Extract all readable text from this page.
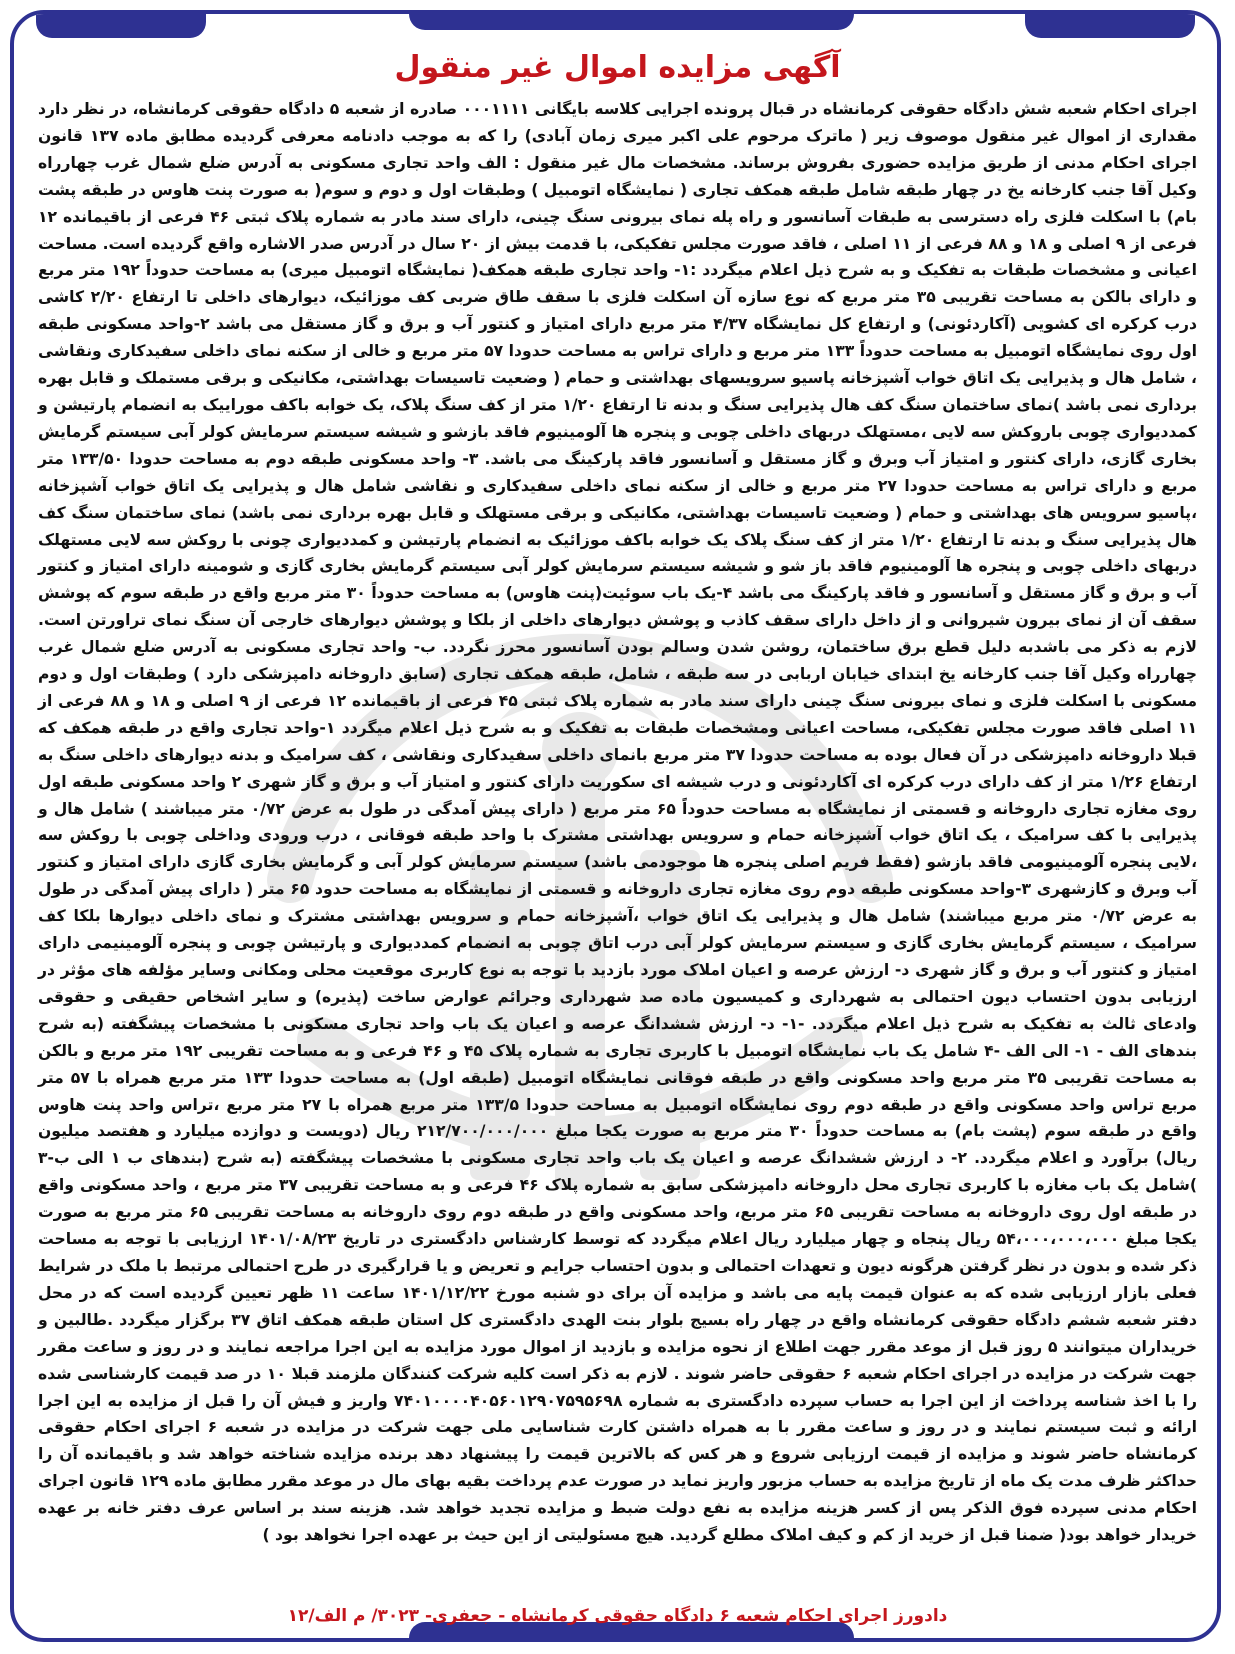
آگهی مزایده اموال غیر منقول

اجرای احکام شعبه شش دادگاه حقوقی کرمانشاه در قبال پرونده اجرایی کلاسه بایگانی ۰۰۰۱۱۱۱ صادره از شعبه ۵ دادگاه حقوقی کرمانشاه، در نظر دارد مقداری از اموال غیر منقول موصوف زیر ( ماترک مرحوم علی اکبر میری زمان آبادی) را که به موجب دادنامه معرفی گردیده مطابق ماده ۱۳۷ قانون اجرای احکام مدنی از طریق مزایده حضوری بفروش برساند. مشخصات مال غیر منقول : الف واحد تجاری مسکونی به آدرس ضلع شمال غرب چهارراه وکیل آقا جنب کارخانه یخ در چهار طبقه شامل طبقه همکف تجاری ( نمایشگاه اتومبیل ) وطبقات اول و دوم و سوم( به صورت پنت هاوس در طبقه پشت بام) با اسکلت فلزی راه دسترسی به طبقات آسانسور و راه پله نمای بیرونی سنگ چینی، دارای سند مادر به شماره پلاک ثبتی ۴۶ فرعی از باقیمانده ۱۲ فرعی از ۹ اصلی و ۱۸ و ۸۸ فرعی از ۱۱ اصلی ، فاقد صورت مجلس تفکیکی، با قدمت بیش از ۲۰ سال در آدرس صدر الاشاره واقع گردیده است. مساحت اعیانی و مشخصات طبقات به تفکیک و به شرح ذیل اعلام میگردد :۱- واحد تجاری طبقه همکف( نمایشگاه اتومبیل میری) به مساحت حدوداً ۱۹۲ متر مربع و دارای بالکن به مساحت تقریبی ۳۵ متر مربع که نوع سازه آن اسکلت فلزی با سقف طاق ضربی کف موزائیک، دیوارهای داخلی تا ارتفاع ۲/۲۰ کاشی درب کرکره ای کشویی (آکاردئونی) و ارتفاع کل نمایشگاه ۴/۳۷ متر مربع دارای امتیاز و کنتور آب و برق و گاز مستقل می باشد ۲-واحد مسکونی طبقه اول روی نمایشگاه اتومبیل به مساحت حدوداً ۱۳۳ متر مربع و دارای تراس به مساحت حدودا ۵۷ متر مربع و خالی از سکنه نمای داخلی سفیدکاری ونقاشی ، شامل هال و پذیرایی یک اتاق خواب آشپزخانه پاسیو سرویسهای بهداشتی و حمام ( وضعیت تاسیسات بهداشتی، مکانیکی و برقی مستملک و قابل بهره برداری نمی باشد )نمای ساختمان سنگ کف هال پذیرایی سنگ و بدنه تا ارتفاع ۱/۲۰ متر از کف سنگ پلاک، یک خوابه باکف موراییک به انضمام پارتیشن و کمددیواری چوبی باروکش سه لایی ،مستهلک دربهای داخلی چوبی و پنجره ها آلومینیوم فاقد بازشو و شیشه سیستم سرمایش کولر آبی سیستم گرمایش بخاری گازی، دارای کنتور و امتیاز آب وبرق و گاز مستقل و آسانسور فاقد پارکینگ می باشد. ۳- واحد مسکونی طبقه دوم به مساحت حدودا ۱۳۳/۵۰ متر مربع و دارای تراس به مساحت حدودا ۲۷ متر مربع و خالی از سکنه نمای داخلی سفیدکاری و نقاشی شامل هال و پذیرایی یک اتاق خواب آشپزخانه ،پاسیو سرویس های بهداشتی و حمام ( وضعیت تاسیسات بهداشتی، مکانیکی و برقی مستهلک و قابل بهره برداری نمی باشد) نمای ساختمان سنگ کف هال پذیرایی سنگ و بدنه تا ارتفاع ۱/۲۰ متر از کف سنگ پلاک یک خوابه باکف موزائیک به انضمام پارتیشن و کمددیواری چونی با روکش سه لایی مستهلک دربهای داخلی چوبی و پنجره ها آلومینیوم فاقد باز شو و شیشه سیستم سرمایش کولر آبی سیستم گرمایش بخاری گازی و شومینه دارای امتیاز و کنتور آب و برق و گاز مستقل و آسانسور و فاقد پارکینگ می باشد ۴-یک باب سوئیت(پنت هاوس) به مساحت حدوداً ۳۰ متر مربع واقع در طبقه سوم که پوشش سقف آن از نمای بیرون شیروانی و از داخل دارای سقف کاذب و پوشش دیوارهای داخلی از بلکا و پوشش دیوارهای خارجی آن سنگ نمای تراورتن است. لازم به ذکر می باشدبه دلیل قطع برق ساختمان، روشن شدن وسالم بودن آسانسور محرز نگردد. ب- واحد تجاری مسکونی به آدرس ضلع شمال غرب چهارراه وکیل آقا جنب کارخانه یخ ابتدای خیابان اربابی در سه طبقه ، شامل، طبقه همکف تجاری (سابق داروخانه دامپزشکی دارد ) وطبقات اول و دوم مسکونی با اسکلت فلزی و نمای بیرونی سنگ چینی دارای سند مادر به شماره پلاک ثبتی ۴۵ فرعی از باقیمانده ۱۲ فرعی از ۹ اصلی و ۱۸ و ۸۸ فرعی از ۱۱ اصلی فاقد صورت مجلس تفکیکی، مساحت اعیانی ومشخصات طبقات به تفکیک و به شرح ذیل اعلام میگردد ۱-واحد تجاری واقع در طبقه همکف که قبلا داروخانه دامپزشکی در آن فعال بوده به مساحت حدودا ۳۷ متر مربع بانمای داخلی سفیدکاری ونقاشی ، کف سرامیک و بدنه دیوارهای داخلی سنگ به ارتفاع ۱/۲۶ متر از کف دارای درب کرکره ای آکاردئونی و درب شیشه ای سکوریت دارای کنتور و امتیاز آب و برق و گاز شهری ۲ واحد مسکونی طبقه اول روی مغازه تجاری داروخانه و قسمتی از نمایشگاه به مساحت حدوداً ۶۵ متر مربع ( دارای پیش آمدگی در طول به عرض ۰/۷۲ متر میباشند ) شامل هال و پذیرایی با کف سرامیک ، یک اتاق خواب آشپزخانه حمام و سرویس بهداشتی مشترک با واحد طبقه فوقانی ، درب ورودی وداخلی چوبی با روکش سه ،لایی پنجره آلومینیومی فاقد بازشو (فقط فریم اصلی پنجره ها موجودمی باشد) سیستم سرمایش کولر آبی و گرمایش بخاری گازی دارای امتیاز و کنتور آب وبرق و کازشهری ۳-واحد مسکونی طبقه دوم روی مغازه تجاری داروخانه و قسمتی از نمایشگاه به مساحت حدود ۶۵ متر ( دارای پیش آمدگی در طول به عرض ۰/۷۲ متر مربع میباشند) شامل هال و پذیرایی یک اتاق خواب ،آشپزخانه حمام و سرویس بهداشتی مشترک و نمای داخلی دیوارها بلکا کف سرامیک ، سیستم گرمایش بخاری گازی و سیستم سرمایش کولر آبی درب اتاق چوبی به انضمام کمددیواری و پارتیشن چوبی و پنجره آلومینیمی دارای امتیاز و کنتور آب و برق و گاز شهری د- ارزش عرصه و اعیان املاک مورد بازدید با توجه به نوع کاربری موقعیت محلی ومکانی وسایر مؤلفه های مؤثر در ارزیابی بدون احتساب دیون احتمالی به شهرداری و کمیسیون ماده صد شهرداری وجرائم عوارض ساخت (پذیره) و سایر اشخاص حقیقی و حقوقی وادعای ثالث به تفکیک به شرح ذیل اعلام میگردد. -۱- د- ارزش ششدانگ عرصه و اعیان یک باب واحد تجاری مسکونی با مشخصات پیشگفته (به شرح بندهای الف - ۱- الی الف -۴ شامل یک باب نمایشگاه اتومبیل با کاربری تجاری به شماره پلاک ۴۵ و ۴۶ فرعی و به مساحت تقریبی ۱۹۲ متر مربع و بالکن به مساحت تقریبی ۳۵ متر مربع واحد مسکونی واقع در طبقه فوقانی نمایشگاه اتومبیل (طبقه اول) به مساحت حدودا ۱۳۳ متر مربع همراه با ۵۷ متر مربع تراس واحد مسکونی واقع در طبقه دوم روی نمایشگاه اتومبیل به مساحت حدودا ۱۳۳/۵ متر مربع همراه با ۲۷ متر مربع ،تراس واحد پنت هاوس واقع در طبقه سوم (پشت بام) به مساحت حدوداً ۳۰ متر مربع به صورت یکجا مبلغ ۲۱۲/۷۰۰/۰۰۰/۰۰۰ ریال (دویست و دوازده میلیارد و هفتصد میلیون ریال) برآورد و اعلام میگردد. ۲- د ارزش ششدانگ عرصه و اعیان یک باب واحد تجاری مسکونی با مشخصات پیشگفته (به شرح (بندهای ب ۱ الی ب-۳ )شامل یک باب مغازه با کاربری تجاری محل داروخانه دامپزشکی سابق به شماره پلاک ۴۶ فرعی و به مساحت تقریبی ۳۷ متر مربع ، واحد مسکونی واقع در طبقه اول روی داروخانه به مساحت تقریبی ۶۵ متر مربع، واحد مسکونی واقع در طبقه دوم روی داروخانه به مساحت تقریبی ۶۵ متر مربع به صورت یکجا مبلغ ۵۴،۰۰۰،۰۰۰،۰۰۰ ریال پنجاه و چهار میلیارد ریال اعلام میگردد که توسط کارشناس دادگستری در تاریخ ۱۴۰۱/۰۸/۲۳ ارزیابی با توجه به مساحت ذکر شده و بدون در نظر گرفتن هرگونه دیون و تعهدات احتمالی و بدون احتساب جرایم و تعریض و یا قرارگیری در طرح احتمالی مرتبط با ملک در شرایط فعلی بازار ارزیابی شده که به عنوان قیمت پایه می باشد و مزایده آن برای دو شنبه مورخ ۱۴۰۱/۱۲/۲۲ ساعت ۱۱ ظهر تعیین گردیده است که در محل دفتر شعبه ششم دادگاه حقوقی کرمانشاه واقع در چهار راه بسیج بلوار بنت الهدی دادگستری کل استان طبقه همکف اتاق ۳۷ برگزار میگردد .طالبین و خریداران میتوانند ۵ روز قبل از موعد مقرر جهت اطلاع از نحوه مزایده و بازدید از اموال مورد مزایده به این اجرا مراجعه نمایند و در روز و ساعت مقرر جهت شرکت در مزایده در اجرای احکام شعبه ۶ حقوقی حاضر شوند . لازم به ذکر است کلیه شرکت کنندگان ملزمند قبلا ۱۰ در صد قیمت کارشناسی شده را با اخذ شناسه پرداخت از این اجرا به حساب سپرده دادگستری به شماره ۷۴۰۱۰۰۰۰۴۰۵۶۰۱۲۹۰۷۵۹۵۶۹۸ واریز و فیش آن را قبل از مزایده به این اجرا ارائه و ثبت سیستم نمایند و در روز و ساعت مقرر با به همراه داشتن کارت شناسایی ملی جهت شرکت در مزایده در شعبه ۶ اجرای احکام حقوقی کرمانشاه حاضر شوند و مزایده از قیمت ارزیابی شروع و هر کس که بالاترین قیمت را پیشنهاد دهد برنده مزایده شناخته خواهد شد و باقیمانده آن را حداکثر ظرف مدت یک ماه از تاریخ مزایده به حساب مزبور واریز نماید در صورت عدم پرداخت بقیه بهای مال در موعد مقرر مطابق ماده ۱۲۹ قانون اجرای احکام مدنی سپرده فوق الذکر پس از کسر هزینه مزایده به نفع دولت ضبط و مزایده تجدید خواهد شد. هزینه سند بر اساس عرف دفتر خانه بر عهده خریدار خواهد بود( ضمنا قبل از خرید از کم و کیف املاک مطلع گردید. هیچ مسئولیتی از این حیث بر عهده اجرا نخواهد بود )

دادورز اجرای احکام شعبه ۶ دادگاه حقوقی کرمانشاه - جعفری- ۳۰۲۳/ م الف/۱۲
